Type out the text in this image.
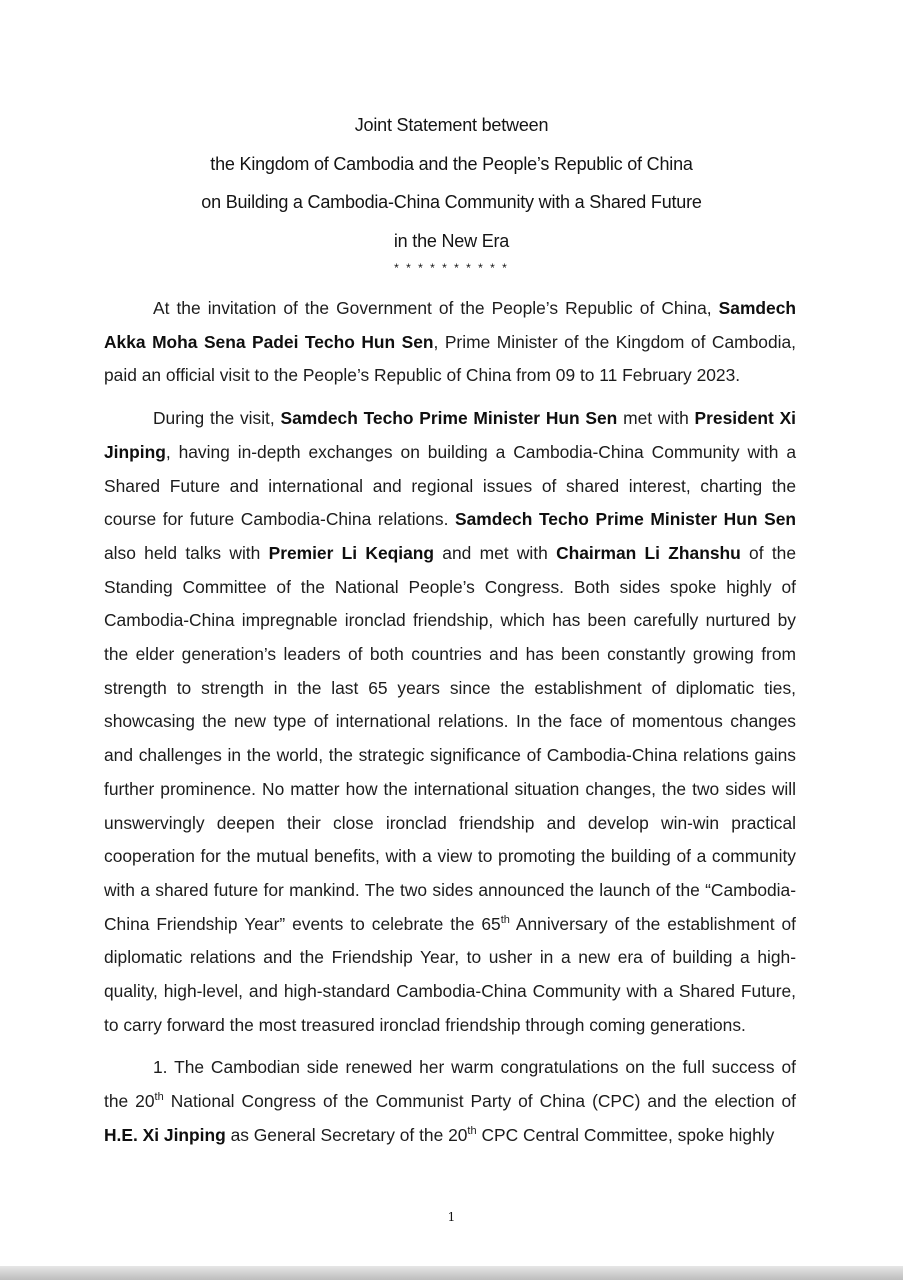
Joint Statement between
the Kingdom of Cambodia and the People’s Republic of China
on Building a Cambodia-China Community with a Shared Future
in the New Era
* * * * * * * * * *

At the invitation of the Government of the People’s Republic of China, Samdech Akka Moha Sena Padei Techo Hun Sen, Prime Minister of the Kingdom of Cambodia, paid an official visit to the People’s Republic of China from 09 to 11 February 2023.

During the visit, Samdech Techo Prime Minister Hun Sen met with President Xi Jinping, having in-depth exchanges on building a Cambodia-China Community with a Shared Future and international and regional issues of shared interest, charting the course for future Cambodia-China relations. Samdech Techo Prime Minister Hun Sen also held talks with Premier Li Keqiang and met with Chairman Li Zhanshu of the Standing Committee of the National People’s Congress. Both sides spoke highly of Cambodia-China impregnable ironclad friendship, which has been carefully nurtured by the elder generation’s leaders of both countries and has been constantly growing from strength to strength in the last 65 years since the establishment of diplomatic ties, showcasing the new type of international relations. In the face of momentous changes and challenges in the world, the strategic significance of Cambodia-China relations gains further prominence. No matter how the international situation changes, the two sides will unswervingly deepen their close ironclad friendship and develop win-win practical cooperation for the mutual benefits, with a view to promoting the building of a community with a shared future for mankind. The two sides announced the launch of the “Cambodia-China Friendship Year” events to celebrate the 65th Anniversary of the establishment of diplomatic relations and the Friendship Year, to usher in a new era of building a high-quality, high-level, and high-standard Cambodia-China Community with a Shared Future, to carry forward the most treasured ironclad friendship through coming generations.

1. The Cambodian side renewed her warm congratulations on the full success of the 20th National Congress of the Communist Party of China (CPC) and the election of H.E. Xi Jinping as General Secretary of the 20th CPC Central Committee, spoke highly

1
